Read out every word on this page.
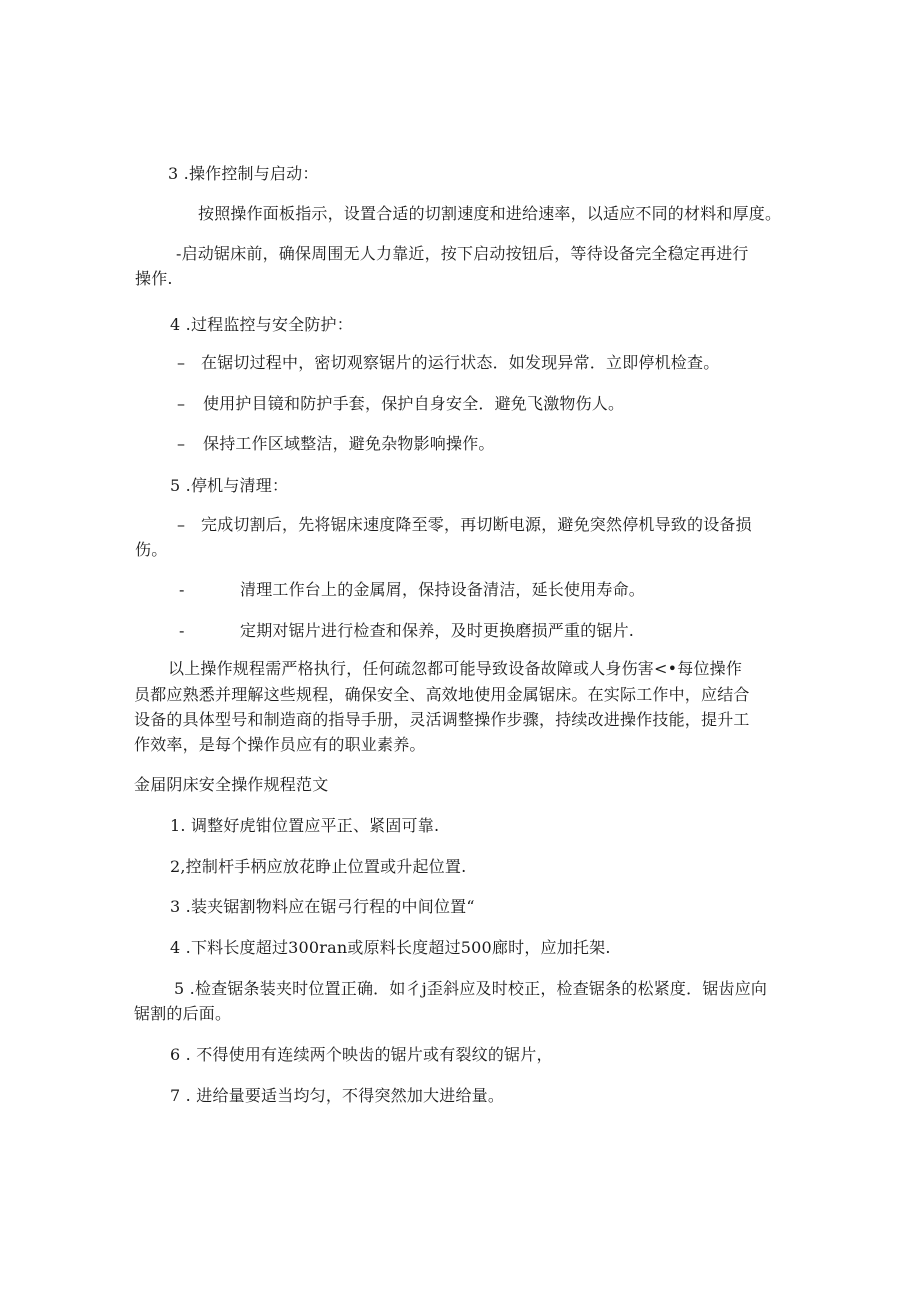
3 .操作控制与启动：
按照操作面板指示，设置合适的切割速度和进给速率，以适应不同的材料和厚度。
-启动锯床前，确保周围无人力靠近，按下启动按钮后，等待设备完全稳定再进行
操作.
4 .过程监控与安全防护：
– 在锯切过程中，密切观察锯片的运行状态．如发现异常．立即停机检查。
– 使用护目镜和防护手套，保护自身安全．避免飞激物伤人。
– 保持工作区域整洁，避免杂物影响操作。
5 .停机与清理：
– 完成切割后，先将锯床速度降至零，再切断电源，避免突然停机导致的设备损
伤。
-	清理工作台上的金属屑，保持设备清洁，延长使用寿命。
-	定期对锯片进行检查和保养，及时更换磨损严重的锯片.
以上操作规程需严格执行，任何疏忽都可能导致设备故障或人身伤害<•每位操作
员都应熟悉并理解这些规程，确保安全、高效地使用金属锯床。在实际工作中，应结合
设备的具体型号和制造商的指导手册，灵活调整操作步骤，持续改进操作技能，提升工
作效率，是每个操作员应有的职业素养。
金届阴床安全操作规程范文
1. 调整好虎钳位置应平正、紧固可靠.
2,控制杆手柄应放花睁止位置或升起位置.
3 .装夹锯割物料应在锯弓行程的中间位置“
4 .下料长度超过300ran或原料长度超过500廊时，应加托架.
5 .检查锯条装夹时位置正确．如彳j歪斜应及时校正，检查锯条的松紧度．锯齿应向
锯割的后面。
6 . 不得使用有连续两个映齿的锯片或有裂纹的锯片，
7 . 进给量要适当均匀，不得突然加大进给量。
